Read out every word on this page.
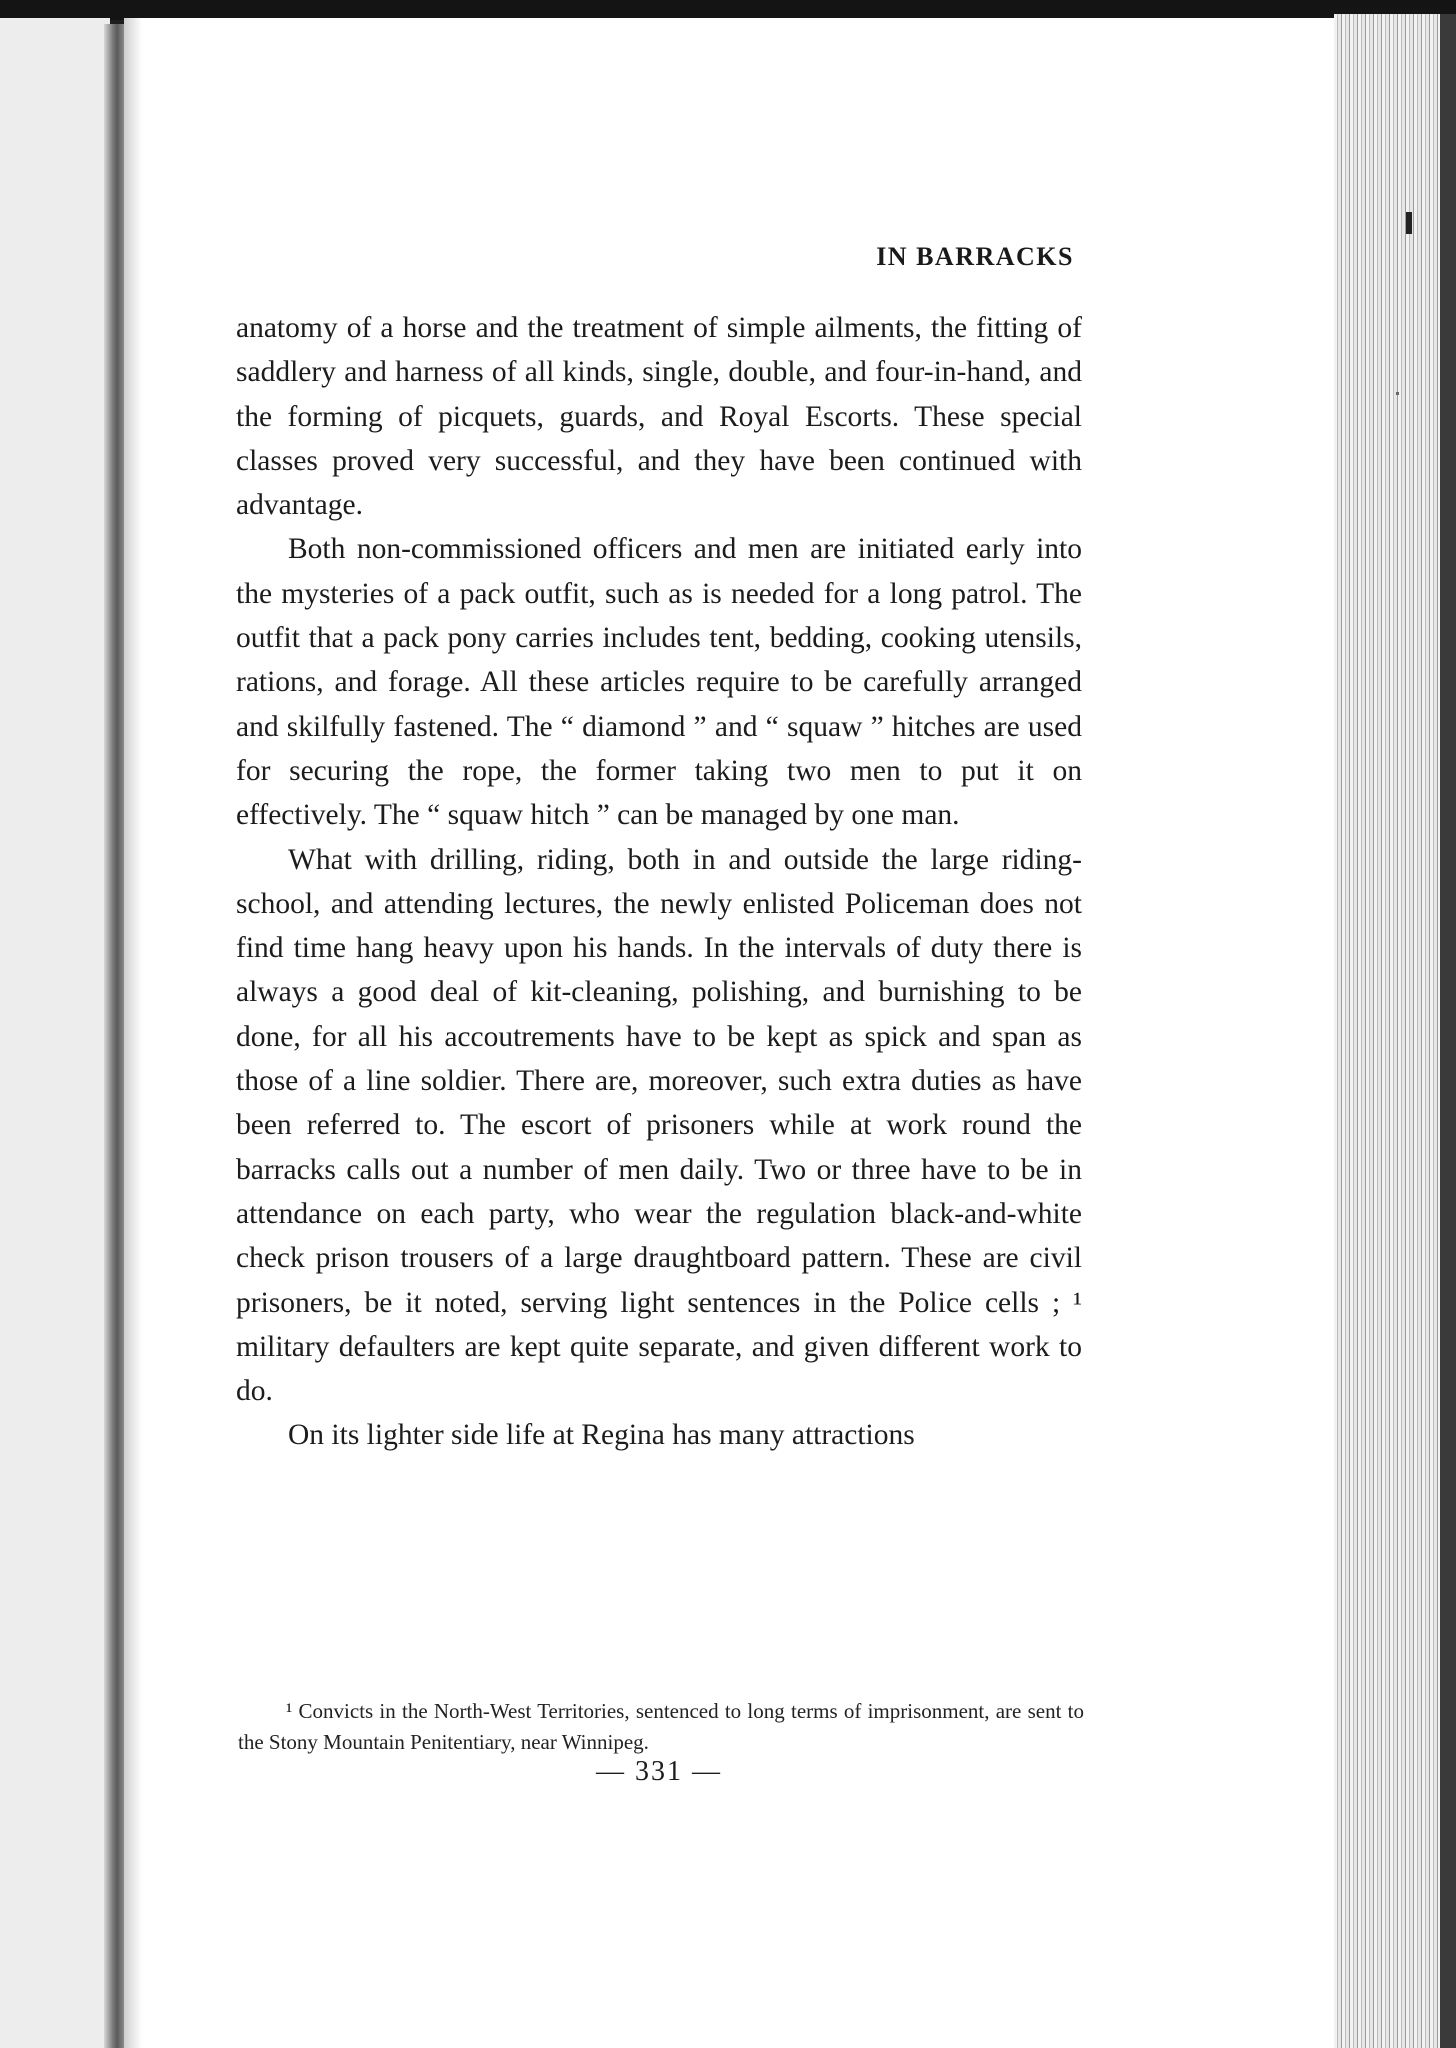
IN BARRACKS

anatomy of a horse and the treatment of simple ailments, the fitting of saddlery and harness of all kinds, single, double, and four-in-hand, and the forming of picquets, guards, and Royal Escorts. These special classes proved very successful, and they have been continued with advantage.

Both non-commissioned officers and men are initiated early into the mysteries of a pack outfit, such as is needed for a long patrol. The outfit that a pack pony carries includes tent, bedding, cooking utensils, rations, and forage. All these articles require to be carefully arranged and skilfully fastened. The “ diamond ” and “ squaw ” hitches are used for securing the rope, the former taking two men to put it on effectively. The “ squaw hitch ” can be managed by one man.

What with drilling, riding, both in and outside the large riding-school, and attending lectures, the newly enlisted Policeman does not find time hang heavy upon his hands. In the intervals of duty there is always a good deal of kit-cleaning, polishing, and burnishing to be done, for all his accoutrements have to be kept as spick and span as those of a line soldier. There are, moreover, such extra duties as have been referred to. The escort of prisoners while at work round the barracks calls out a number of men daily. Two or three have to be in attendance on each party, who wear the regulation black-and-white check prison trousers of a large draughtboard pattern. These are civil prisoners, be it noted, serving light sentences in the Police cells ; ¹ military defaulters are kept quite separate, and given different work to do.

On its lighter side life at Regina has many attractions

¹ Convicts in the North-West Territories, sentenced to long terms of imprisonment, are sent to the Stony Mountain Penitentiary, near Winnipeg.
— 331 —
